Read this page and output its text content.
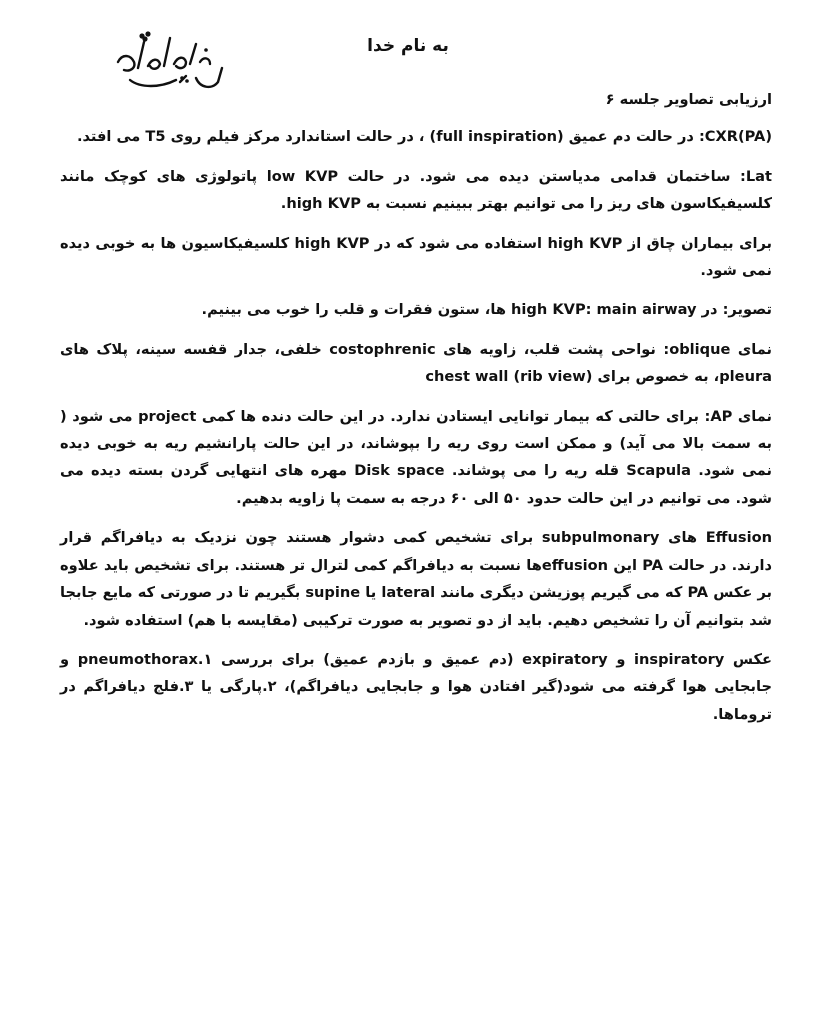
به نام خدا

ارزیابی تصاویر جلسه ۶

CXR(PA): در حالت دم عمیق (full inspiration) ، در حالت استاندارد مرکز فیلم روی T5 می افتد.

Lat: ساختمان قدامی مدیاستن دیده می شود. در حالت low KVP پاتولوژی های کوچک مانند کلسیفیکاسون های ریز را می توانیم بهتر ببینیم نسبت به high KVP.

برای بیماران چاق از high KVP استفاده می شود که در high KVP کلسیفیکاسیون ها به خوبی دیده نمی شود.

تصویر: در high KVP: main airway ها، ستون فقرات و قلب را خوب می بینیم.

نمای oblique: نواحی پشت قلب، زاویه های costophrenic خلفی، جدار قفسه سینه، پلاک های pleura، به خصوص برای chest wall (rib view)

نمای AP: برای حالتی که بیمار توانایی ایستادن ندارد. در این حالت دنده ها کمی project می شود ( به سمت بالا می آید) و ممکن است روی ریه را بپوشاند، در این حالت پارانشیم ریه به خوبی دیده نمی شود. Scapula قله ریه را می پوشاند. Disk space مهره های انتهایی گردن بسته دیده می شود. می توانیم در این حالت حدود ۵۰ الی ۶۰ درجه به سمت پا زاویه بدهیم.

Effusion های subpulmonary برای تشخیص کمی دشوار هستند چون نزدیک به دیافراگم قرار دارند. در حالت PA این effusionها نسبت به دیافراگم کمی لترال تر هستند. برای تشخیص باید علاوه بر عکس PA که می گیریم پوزیشن دیگری مانند lateral یا supine بگیریم تا در صورتی که مایع جابجا شد بتوانیم آن را تشخیص دهیم. باید از دو تصویر به صورت ترکیبی (مقایسه با هم) استفاده شود.

عکس inspiratory و expiratory (دم عمیق و بازدم عمیق) برای بررسی ۱.pneumothorax و جابجایی هوا گرفته می شود(گیر افتادن هوا و جابجایی دیافراگم)، ۲.پارگی یا ۳.فلج دیافراگم در تروماها.
